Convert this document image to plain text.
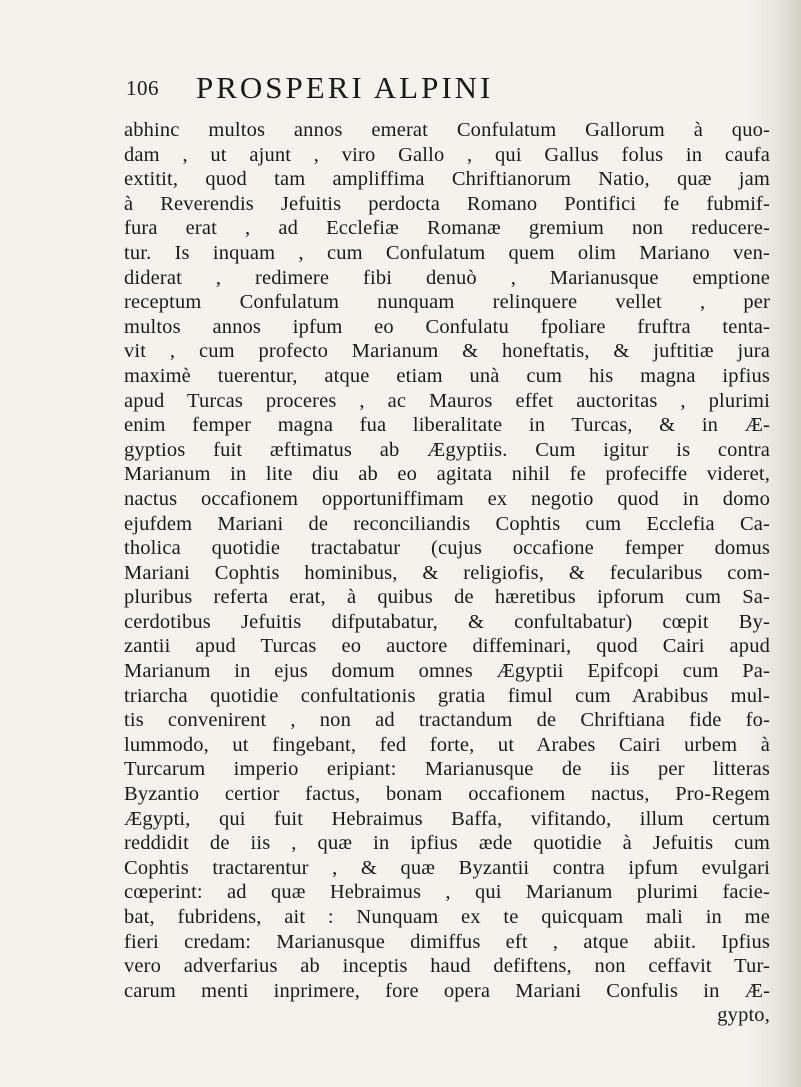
106 PROSPERI ALPINI
abhinc multos annos emerat Confulatum Gallorum à quo-
dam , ut ajunt , viro Gallo , qui Gallus folus in caufa
extitit, quod tam ampliffima Chriftianorum Natio, quæ jam
à Reverendis Jefuitis perdocta Romano Pontifici fe fubmif-
fura erat , ad Ecclefiæ Romanæ gremium non reducere-
tur. Is inquam , cum Confulatum quem olim Mariano ven-
diderat , redimere fibi denuò , Marianusque emptione
receptum Confulatum nunquam relinquere vellet , per
multos annos ipfum eo Confulatu fpoliare fruftra tenta-
vit , cum profecto Marianum & honeftatis, & juftitiæ jura
maximè tuerentur, atque etiam unà cum his magna ipfius
apud Turcas proceres , ac Mauros effet auctoritas , plurimi
enim femper magna fua liberalitate in Turcas, & in Æ-
gyptios fuit æftimatus ab Ægyptiis. Cum igitur is contra
Marianum in lite diu ab eo agitata nihil fe profeciffe videret,
nactus occafionem opportuniffimam ex negotio quod in domo
ejufdem Mariani de reconciliandis Cophtis cum Ecclefia Ca-
tholica quotidie tractabatur (cujus occafione femper domus
Mariani Cophtis hominibus, & religiofis, & fecularibus com-
pluribus referta erat, à quibus de hæretibus ipforum cum Sa-
cerdotibus Jefuitis difputabatur, & confultabatur) cœpit By-
zantii apud Turcas eo auctore diffeminari, quod Cairi apud
Marianum in ejus domum omnes Ægyptii Epifcopi cum Pa-
triarcha quotidie confultationis gratia fimul cum Arabibus mul-
tis convenirent , non ad tractandum de Chriftiana fide fo-
lummodo, ut fingebant, fed forte, ut Arabes Cairi urbem à
Turcarum imperio eripiant: Marianusque de iis per litteras
Byzantio certior factus, bonam occafionem nactus, Pro-Regem
Ægypti, qui fuit Hebraimus Baffa, vifitando, illum certum
reddidit de iis , quæ in ipfius æde quotidie à Jefuitis cum
Cophtis tractarentur , & quæ Byzantii contra ipfum evulgari
cœperint: ad quæ Hebraimus , qui Marianum plurimi facie-
bat, fubridens, ait : Nunquam ex te quicquam mali in me
fieri credam: Marianusque dimiffus eft , atque abiit. Ipfius
vero adverfarius ab inceptis haud defiftens, non ceffavit Tur-
carum menti inprimere, fore opera Mariani Confulis in Æ-
gypto,
